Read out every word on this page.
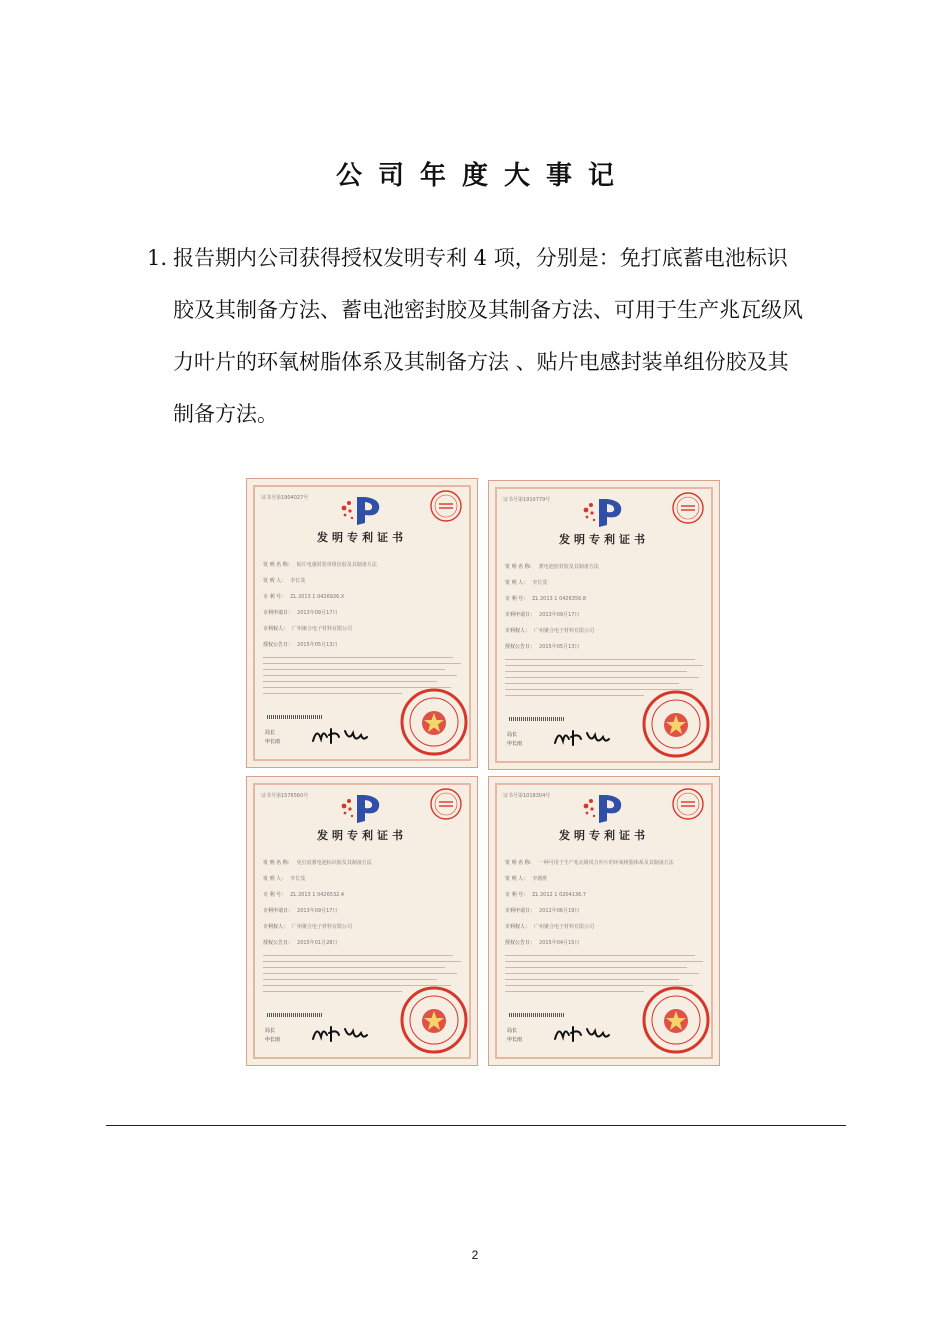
公司年度大事记
1. 报告期内公司获得授权发明专利 4 项，分别是：免打底蓄电池标识胶及其制备方法、蓄电池密封胶及其制备方法、可用于生产兆瓦级风力叶片的环氧树脂体系及其制备方法 、贴片电感封装单组份胶及其制备方法。
证书号第1904027号
发明专利证书
发 明 名 称： 贴片电感封装单组份胶及其制备方法
发 明 人： 李长茂
专 利 号： ZL 2013 1 0426926.X
专利申请日： 2013年09月17日
专利权人： 广州聚合电子材料有限公司
授权公告日： 2015年05月13日
局长
申长雨
证书号第1910779号
发明专利证书
发 明 名 称： 蓄电池密封胶及其制备方法
发 明 人： 李长茂
专 利 号： ZL 2013 1 0426356.8
专利申请日： 2013年09月17日
专利权人： 广州聚合电子材料有限公司
授权公告日： 2015年05月13日
局长
申长雨
证书号第1576560号
发明专利证书
发 明 名 称： 免打底蓄电池标识胶及其制备方法
发 明 人： 李长茂
专 利 号： ZL 2013 1 0426532.4
专利申请日： 2013年09月17日
专利权人： 广州聚合电子材料有限公司
授权公告日： 2015年01月28日
局长
申长雨
证书号第1018304号
发明专利证书
发 明 名 称： 一种可用于生产兆瓦级风力叶片的环氧树脂体系及其制备方法
发 明 人： 李德胜
专 利 号： ZL 2012 1 0204136.7
专利申请日： 2012年06月19日
专利权人： 广州聚合电子材料有限公司
授权公告日： 2015年04月15日
局长
申长雨
2
